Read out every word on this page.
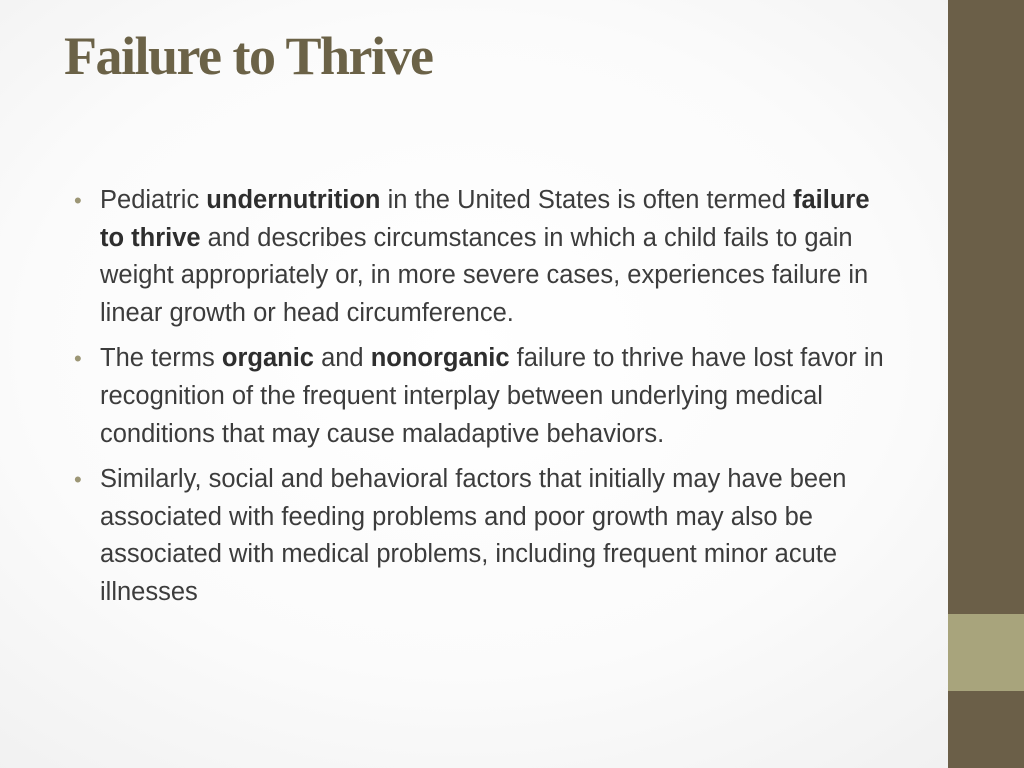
Failure to Thrive
• Pediatric undernutrition in the United States is often termed failure to thrive and describes circumstances in which a child fails to gain weight appropriately or, in more severe cases, experiences failure in linear growth or head circumference.
• The terms organic and nonorganic failure to thrive have lost favor in recognition of the frequent interplay between underlying medical conditions that may cause maladaptive behaviors.
• Similarly, social and behavioral factors that initially may have been associated with feeding problems and poor growth may also be associated with medical problems, including frequent minor acute illnesses
